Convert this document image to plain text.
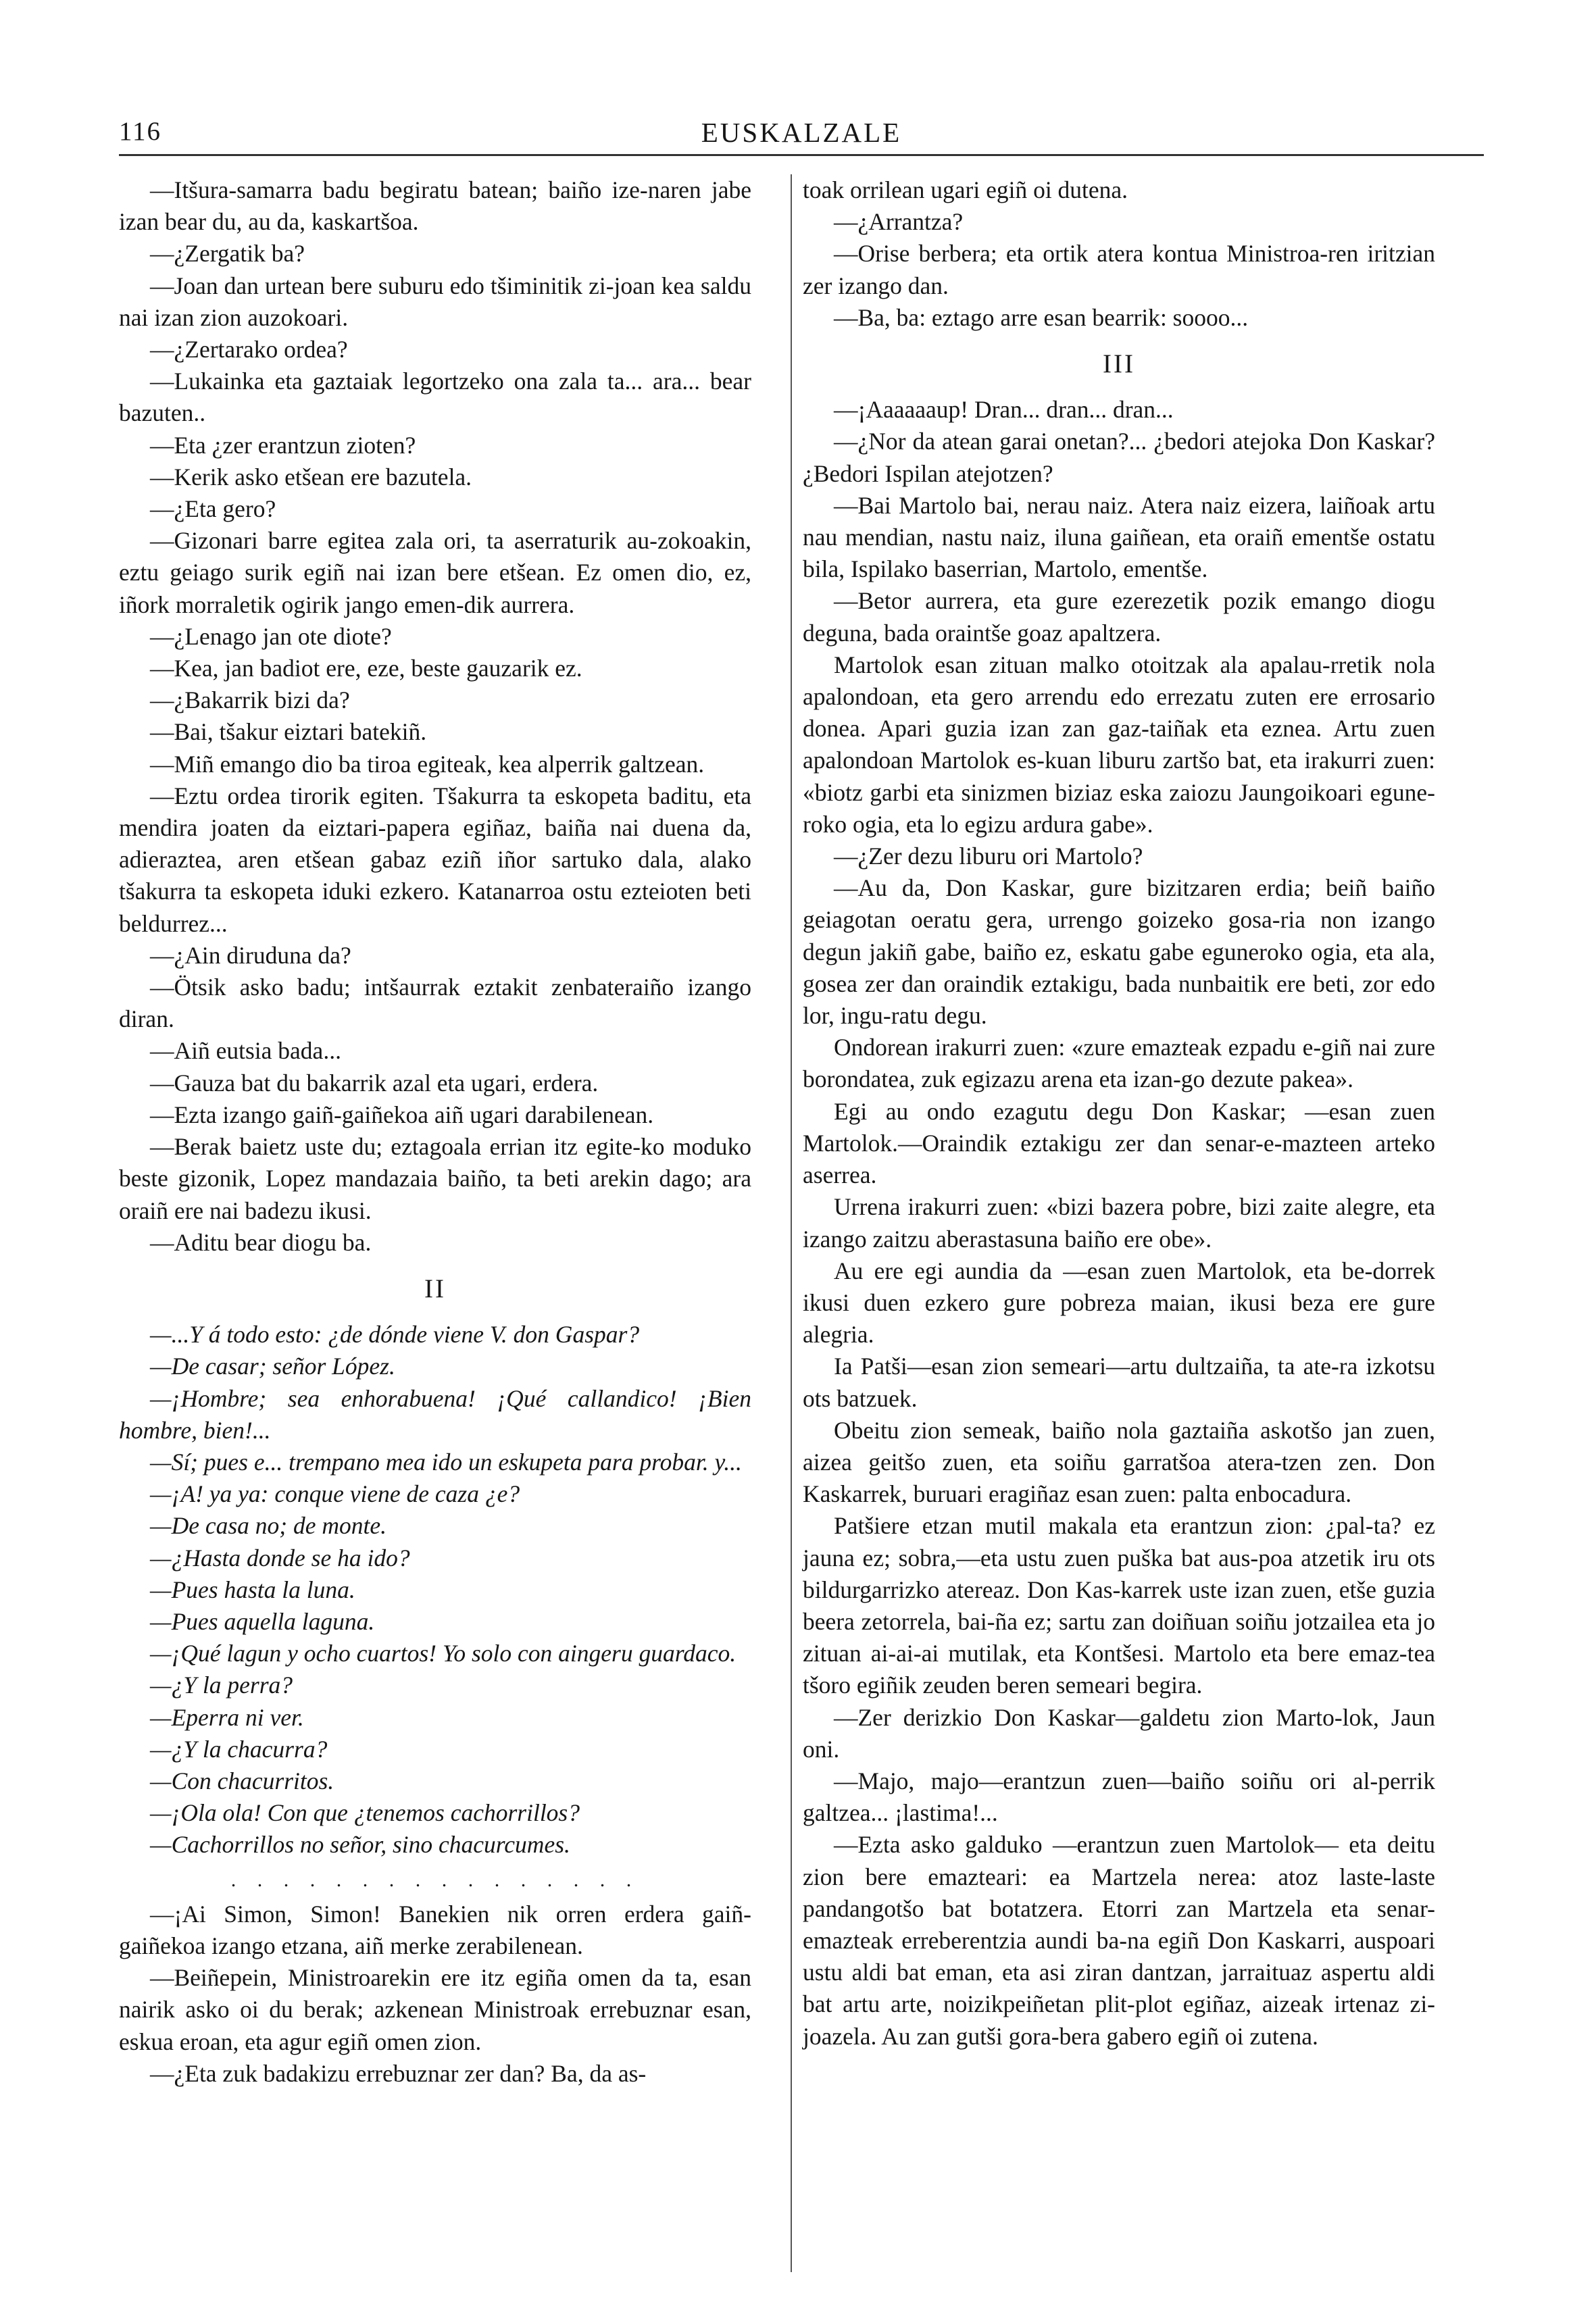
116	EUSKALZALE

—Itšura-samarra badu begiratu batean; baiño ize-naren jabe izan bear du, au da, kaskartšoa.

—¿Zergatik ba?

—Joan dan urtean bere suburu edo tšiminitik zi-joan kea saldu nai izan zion auzokoari.

—¿Zertarako ordea?

—Lukainka eta gaztaiak legortzeko ona zala ta... ara... bear bazuten..

—Eta ¿zer erantzun zioten?

—Kerik asko etšean ere bazutela.

—¿Eta gero?

—Gizonari barre egitea zala ori, ta aserraturik au-zokoakin, eztu geiago surik egiñ nai izan bere etšean. Ez omen dio, ez, iñork morraletik ogirik jango emen-dik aurrera.

—¿Lenago jan ote diote?

—Kea, jan badiot ere, eze, beste gauzarik ez.

—¿Bakarrik bizi da?

—Bai, tšakur eiztari batekiñ.

—Miñ emango dio ba tiroa egiteak, kea alperrik galtzean.

—Eztu ordea tirorik egiten. Tšakurra ta eskopeta baditu, eta mendira joaten da eiztari-papera egiñaz, baiña nai duena da, adieraztea, aren etšean gabaz eziñ iñor sartuko dala, alako tšakurra ta eskopeta iduki ezkero. Katanarroa ostu ezteioten beti beldurrez...

—¿Ain diruduna da?

—Ötsik asko badu; intšaurrak eztakit zenbateraiño izango diran.

—Aiñ eutsia bada...

—Gauza bat du bakarrik azal eta ugari, erdera.

—Ezta izango gaiñ-gaiñekoa aiñ ugari darabilenean.

—Berak baietz uste du; eztagoala errian itz egite-ko moduko beste gizonik, Lopez mandazaia baiño, ta beti arekin dago; ara oraiñ ere nai badezu ikusi.

—Aditu bear diogu ba.

II

—...Y á todo esto: ¿de dónde viene V. don Gaspar?

—De casar; señor López.

—¡Hombre; sea enhorabuena! ¡Qué callandico! ¡Bien hombre, bien!...

—Sí; pues e... trempano mea ido un eskupeta para probar. y...

—¡A! ya ya: conque viene de caza ¿e?

—De casa no; de monte.

—¿Hasta donde se ha ido?

—Pues hasta la luna.

—Pues aquella laguna.

—¡Qué lagun y ocho cuartos! Yo solo con aingeru guardaco.

—¿Y la perra?

—Eperra ni ver.

—¿Y la chacurra?

—Con chacurritos.

—¡Ola ola! Con que ¿tenemos cachorrillos?

—Cachorrillos no señor, sino chacurcumes.

. . . . . . . . . . . . . . . .

—¡Ai Simon, Simon! Banekien nik orren erdera gaiñ-gaiñekoa izango etzana, aiñ merke zerabilenean.

—Beiñepein, Ministroarekin ere itz egiña omen da ta, esan nairik asko oi du berak; azkenean Ministroak errebuznar esan, eskua eroan, eta agur egiñ omen zion.

—¿Eta zuk badakizu errebuznar zer dan? Ba, da as-

toak orrilean ugari egiñ oi dutena.

—¿Arrantza?

—Orise berbera; eta ortik atera kontua Ministroa-ren iritzian zer izango dan.

—Ba, ba: eztago arre esan bearrik: soooo...

III

—¡Aaaaaaup! Dran... dran... dran...

—¿Nor da atean garai onetan?... ¿bedori atejoka Don Kaskar? ¿Bedori Ispilan atejotzen?

—Bai Martolo bai, nerau naiz. Atera naiz eizera, laiñoak artu nau mendian, nastu naiz, iluna gaiñean, eta oraiñ ementše ostatu bila, Ispilako baserrian, Martolo, ementše.

—Betor aurrera, eta gure ezerezetik pozik emango diogu deguna, bada oraintše goaz apaltzera.

Martolok esan zituan malko otoitzak ala apalau-rretik nola apalondoan, eta gero arrendu edo errezatu zuten ere errosario donea. Apari guzia izan zan gaz-taiñak eta eznea. Artu zuen apalondoan Martolok es-kuan liburu zartšo bat, eta irakurri zuen: «biotz garbi eta sinizmen biziaz eska zaiozu Jaungoikoari egune-roko ogia, eta lo egizu ardura gabe».

—¿Zer dezu liburu ori Martolo?

—Au da, Don Kaskar, gure bizitzaren erdia; beiñ baiño geiagotan oeratu gera, urrengo goizeko gosa-ria non izango degun jakiñ gabe, baiño ez, eskatu gabe eguneroko ogia, eta ala, gosea zer dan oraindik eztakigu, bada nunbaitik ere beti, zor edo lor, ingu-ratu degu.

Ondorean irakurri zuen: «zure emazteak ezpadu e-giñ nai zure borondatea, zuk egizazu arena eta izan-go dezute pakea».

Egi au ondo ezagutu degu Don Kaskar; —esan zuen Martolok.—Oraindik eztakigu zer dan senar-e-mazteen arteko aserrea.

Urrena irakurri zuen: «bizi bazera pobre, bizi zaite alegre, eta izango zaitzu aberastasuna baiño ere obe».

Au ere egi aundia da —esan zuen Martolok, eta be-dorrek ikusi duen ezkero gure pobreza maian, ikusi beza ere gure alegria.

Ia Patši—esan zion semeari—artu dultzaiña, ta ate-ra izkotsu ots batzuek.

Obeitu zion semeak, baiño nola gaztaiña askotšo jan zuen, aizea geitšo zuen, eta soiñu garratšoa atera-tzen zen. Don Kaskarrek, buruari eragiñaz esan zuen: palta enbocadura.

Patšiere etzan mutil makala eta erantzun zion: ¿pal-ta? ez jauna ez; sobra,—eta ustu zuen puška bat aus-poa atzetik iru ots bildurgarrizko atereaz. Don Kas-karrek uste izan zuen, etše guzia beera zetorrela, bai-ña ez; sartu zan doiñuan soiñu jotzailea eta jo zituan ai-ai-ai mutilak, eta Kontšesi. Martolo eta bere emaz-tea tšoro egiñik zeuden beren semeari begira.

—Zer derizkio Don Kaskar—galdetu zion Marto-lok, Jaun oni.

—Majo, majo—erantzun zuen—baiño soiñu ori al-perrik galtzea... ¡lastima!...

—Ezta asko galduko —erantzun zuen Martolok— eta deitu zion bere emazteari: ea Martzela nerea: atoz laste-laste pandangotšo bat botatzera. Etorri zan Martzela eta senar-emazteak erreberentzia aundi ba-na egiñ Don Kaskarri, auspoari ustu aldi bat eman, eta asi ziran dantzan, jarraituaz aspertu aldi bat artu arte, noizikpeiñetan plit-plot egiñaz, aizeak irtenaz zi-joazela. Au zan gutši gora-bera gabero egiñ oi zutena.
